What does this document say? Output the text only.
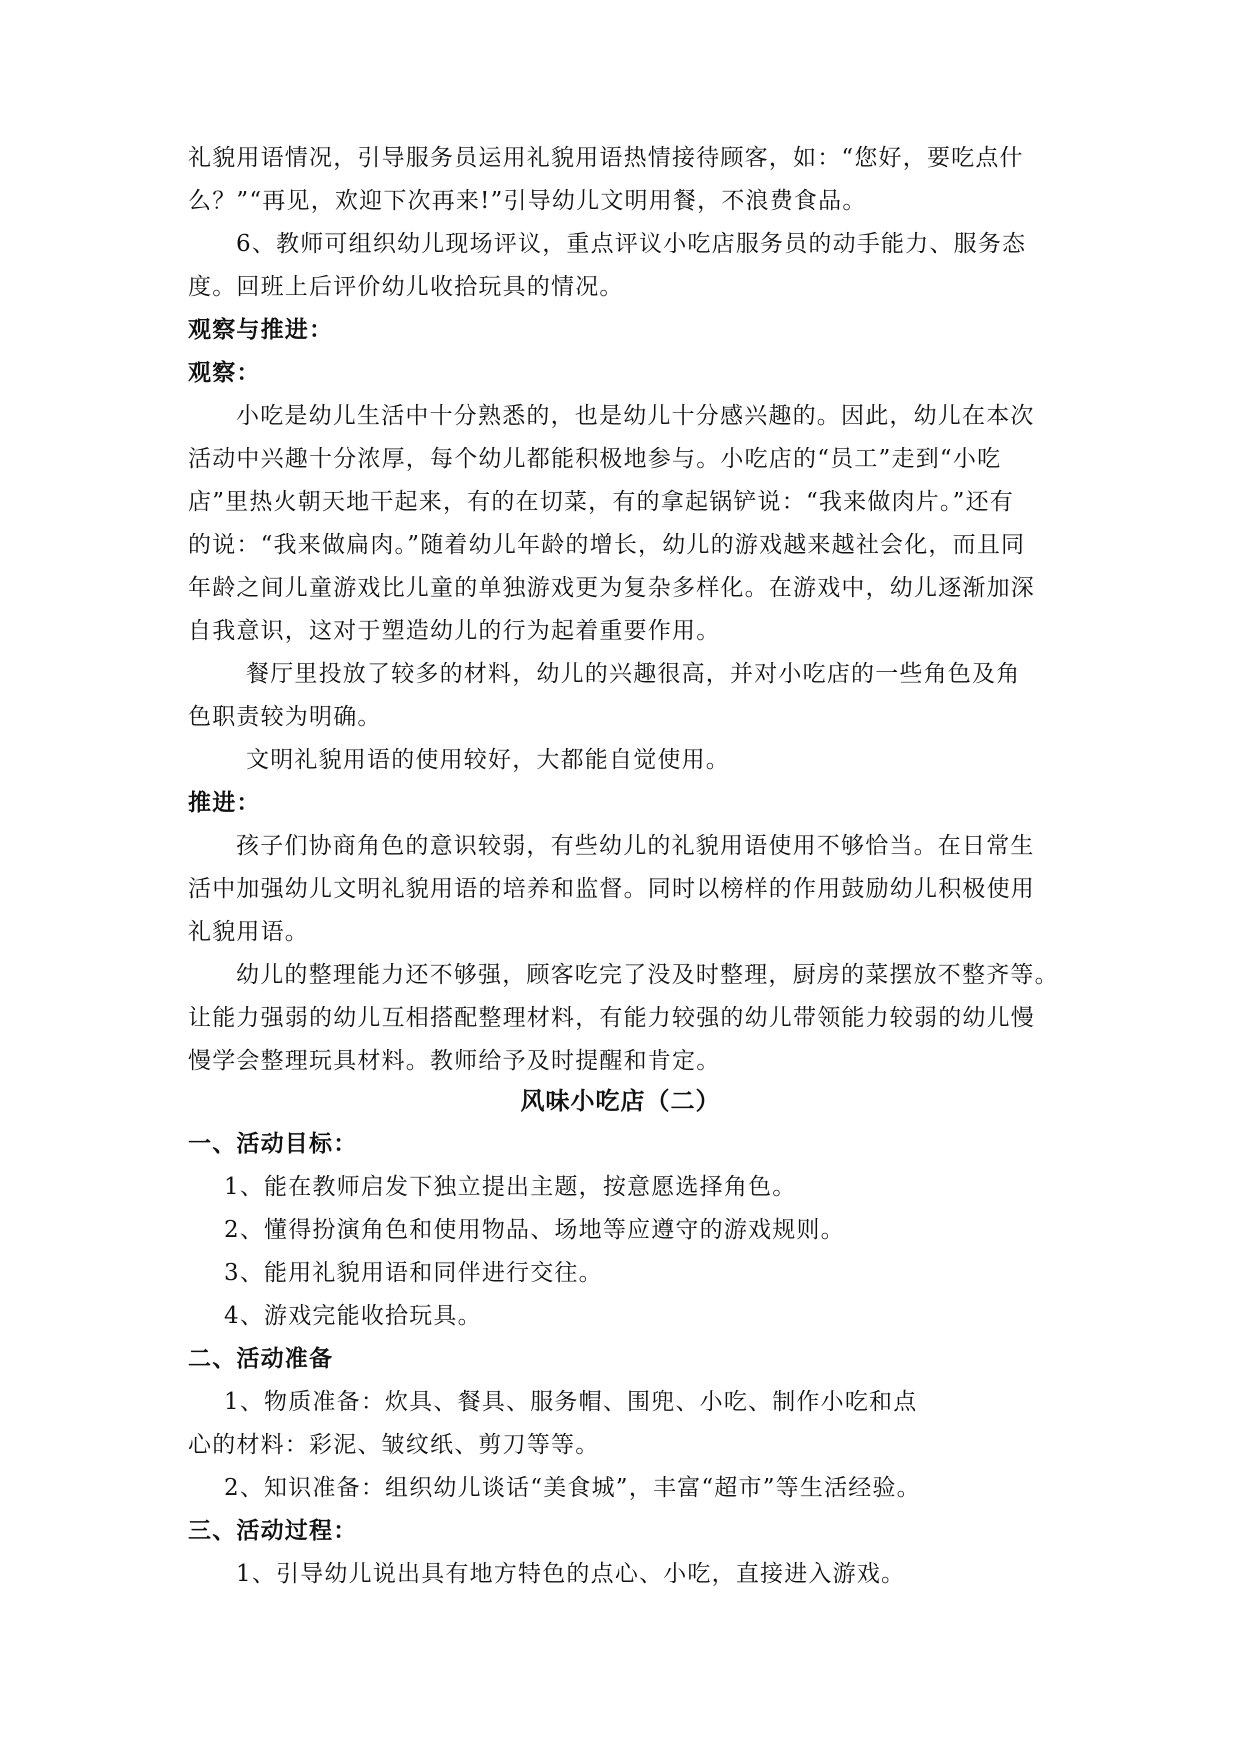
礼貌用语情况，引导服务员运用礼貌用语热情接待顾客，如：“您好，要吃点什
么？”“再见，欢迎下次再来!”引导幼儿文明用餐，不浪费食品。
6、教师可组织幼儿现场评议，重点评议小吃店服务员的动手能力、服务态
度。回班上后评价幼儿收拾玩具的情况。
观察与推进：
观察：
小吃是幼儿生活中十分熟悉的，也是幼儿十分感兴趣的。因此，幼儿在本次
活动中兴趣十分浓厚，每个幼儿都能积极地参与。小吃店的“员工”走到“小吃
店”里热火朝天地干起来，有的在切菜，有的拿起锅铲说：“我来做肉片。”还有
的说：“我来做扁肉。”随着幼儿年龄的增长，幼儿的游戏越来越社会化，而且同
年龄之间儿童游戏比儿童的单独游戏更为复杂多样化。在游戏中，幼儿逐渐加深
自我意识，这对于塑造幼儿的行为起着重要作用。
餐厅里投放了较多的材料，幼儿的兴趣很高，并对小吃店的一些角色及角
色职责较为明确。
文明礼貌用语的使用较好，大都能自觉使用。
推进：
孩子们协商角色的意识较弱，有些幼儿的礼貌用语使用不够恰当。在日常生
活中加强幼儿文明礼貌用语的培养和监督。同时以榜样的作用鼓励幼儿积极使用
礼貌用语。
幼儿的整理能力还不够强，顾客吃完了没及时整理，厨房的菜摆放不整齐等。
让能力强弱的幼儿互相搭配整理材料，有能力较强的幼儿带领能力较弱的幼儿慢
慢学会整理玩具材料。教师给予及时提醒和肯定。
风味小吃店（二）
一、活动目标：
1、能在教师启发下独立提出主题，按意愿选择角色。
2、懂得扮演角色和使用物品、场地等应遵守的游戏规则。
3、能用礼貌用语和同伴进行交往。
4、游戏完能收拾玩具。
二、活动准备
1、物质准备：炊具、餐具、服务帽、围兜、小吃、制作小吃和点
心的材料：彩泥、皱纹纸、剪刀等等。
2、知识准备：组织幼儿谈话“美食城”，丰富“超市”等生活经验。
三、活动过程：
1、引导幼儿说出具有地方特色的点心、小吃，直接进入游戏。
